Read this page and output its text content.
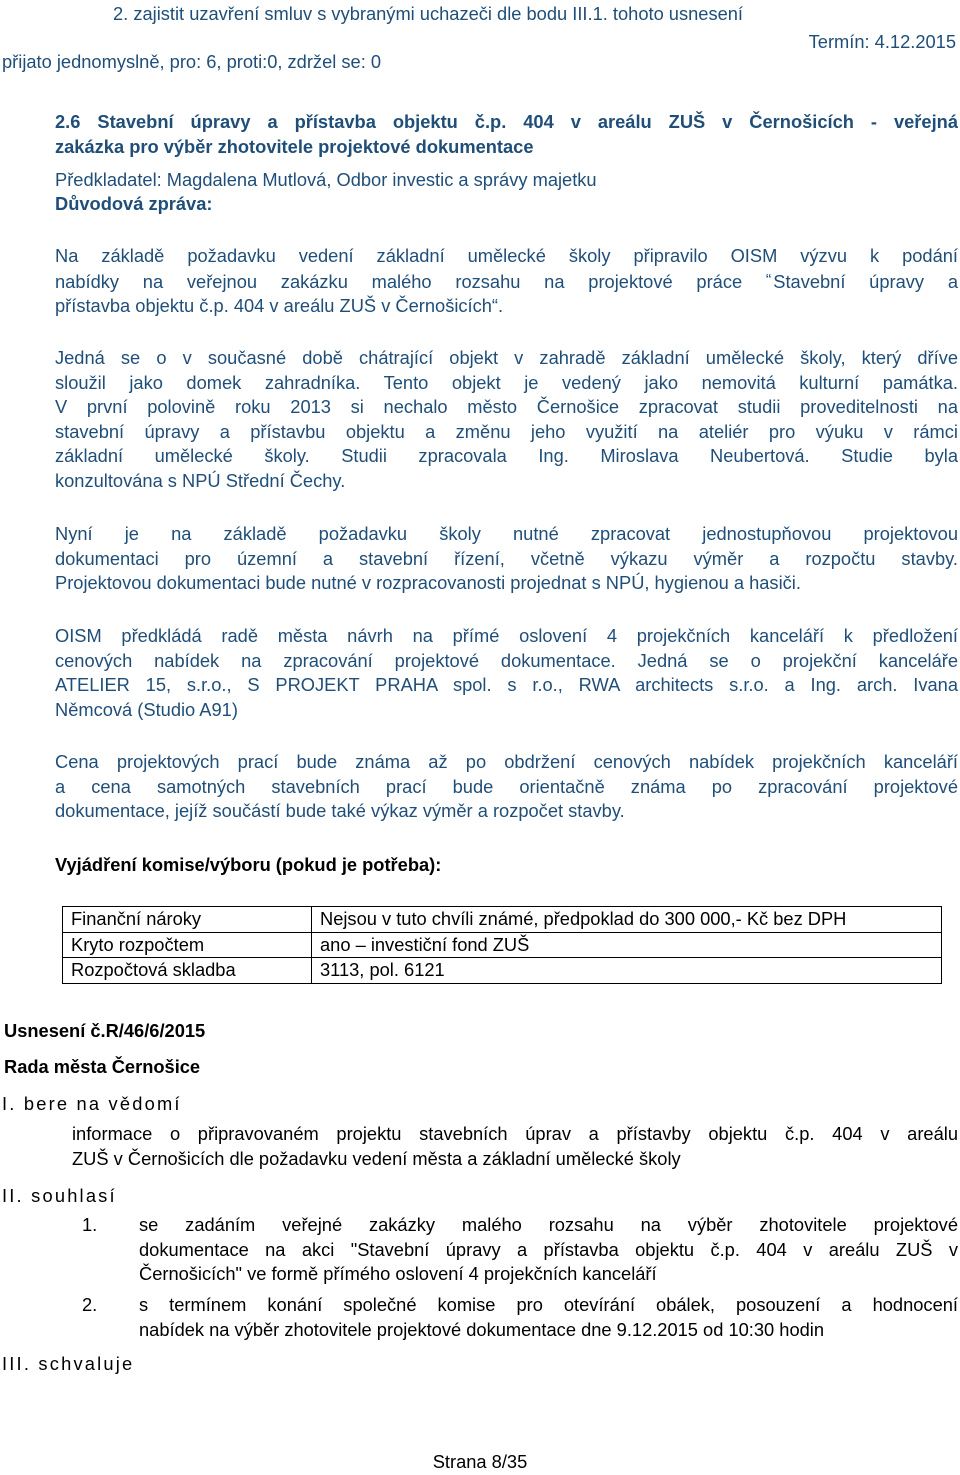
2. zajistit uzavření smluv s vybranými uchazeči dle bodu III.1. tohoto usnesení
Termín: 4.12.2015
přijato jednomyslně, pro: 6, proti:0, zdržel se: 0
2.6 Stavební úpravy a přístavba objektu č.p. 404 v areálu ZUŠ v Černošicích - veřejná
zakázka pro výběr zhotovitele projektové dokumentace
Předkladatel: Magdalena Mutlová, Odbor investic a správy majetku
Důvodová zpráva:
Na základě požadavku vedení základní umělecké školy připravilo OISM výzvu k podání
nabídky na veřejnou zakázku malého rozsahu na projektové práce “ Stavební úpravy a
přístavba objektu č.p. 404 v areálu ZUŠ v Černošicích“.
Jedná se o v současné době chátrající objekt v zahradě základní umělecké školy, který dříve
sloužil jako domek zahradníka. Tento objekt je vedený jako nemovitá kulturní památka.
V první polovině roku 2013 si nechalo město Černošice zpracovat studii proveditelnosti na
stavební úpravy a přístavbu objektu a změnu jeho využití na ateliér pro výuku v rámci
základní umělecké školy. Studii zpracovala Ing. Miroslava Neubertová. Studie byla
konzultována s NPÚ Střední Čechy.
Nyní je na základě požadavku školy nutné zpracovat jednostupňovou projektovou
dokumentaci pro územní a stavební řízení, včetně výkazu výměr a rozpočtu stavby.
Projektovou dokumentaci bude nutné v rozpracovanosti projednat s NPÚ, hygienou a hasiči.
OISM předkládá radě města návrh na přímé oslovení 4 projekčních kanceláří k předložení
cenových nabídek na zpracování projektové dokumentace. Jedná se o projekční kanceláře
ATELIER 15, s.r.o., S PROJEKT PRAHA spol. s r.o., RWA architects s.r.o. a Ing. arch. Ivana
Němcová (Studio A91)
Cena projektových prací bude známa až po obdržení cenových nabídek projekčních kanceláří
a cena samotných stavebních prací bude orientačně známa po zpracování projektové
dokumentace, jejíž součástí bude také výkaz výměr a rozpočet stavby.
Vyjádření komise/výboru (pokud je potřeba):
Finanční nároky	Nejsou v tuto chvíli známé, předpoklad do 300 000,- Kč bez DPH
Kryto rozpočtem	ano – investiční fond ZUŠ
Rozpočtová skladba	3113, pol. 6121
Usnesení č.R/46/6/2015
Rada města Černošice
I. bere na vědomí
informace o připravovaném projektu stavebních úprav a přístavby objektu č.p. 404 v areálu
ZUŠ v Černošicích dle požadavku vedení města a základní umělecké školy
II. souhlasí
1. se zadáním veřejné zakázky malého rozsahu na výběr zhotovitele projektové
dokumentace na akci "Stavební úpravy a přístavba objektu č.p. 404 v areálu ZUŠ v
Černošicích" ve formě přímého oslovení 4 projekčních kanceláří
2. s termínem konání společné komise pro otevírání obálek, posouzení a hodnocení
nabídek na výběr zhotovitele projektové dokumentace dne 9.12.2015 od 10:30 hodin
III. schvaluje
Strana 8/35
